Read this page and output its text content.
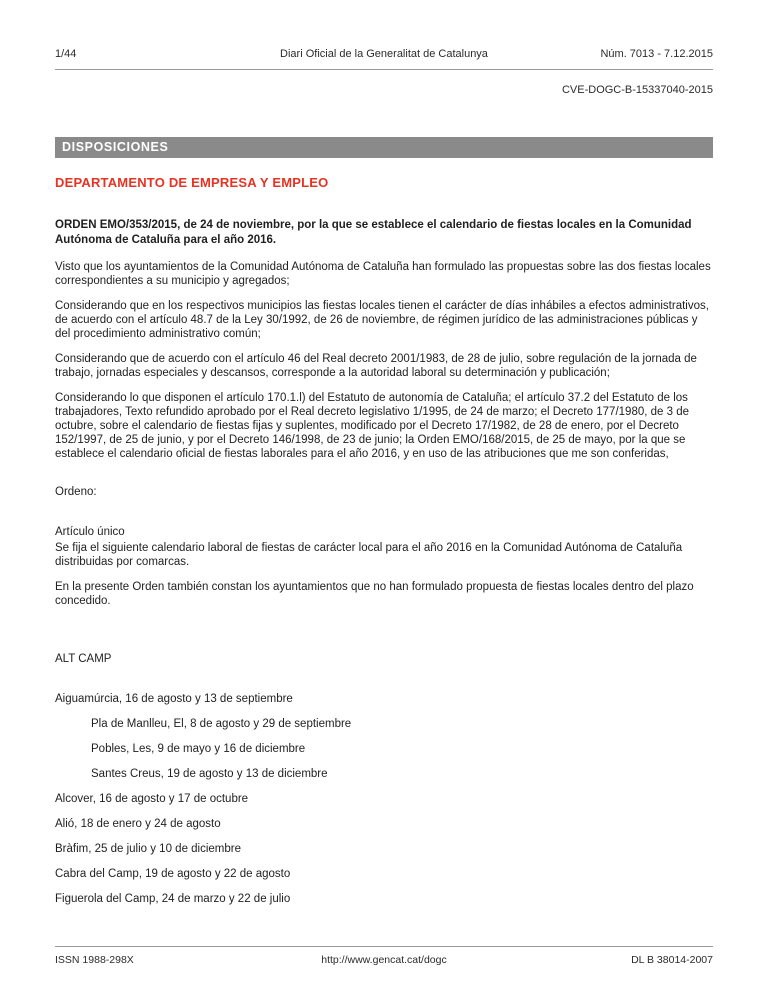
1/44	Diari Oficial de la Generalitat de Catalunya	Núm. 7013 - 7.12.2015
CVE-DOGC-B-15337040-2015
DISPOSICIONES
DEPARTAMENTO DE EMPRESA Y EMPLEO

ORDEN EMO/353/2015, de 24 de noviembre, por la que se establece el calendario de fiestas locales en la Comunidad Autónoma de Cataluña para el año 2016.

Visto que los ayuntamientos de la Comunidad Autónoma de Cataluña han formulado las propuestas sobre las dos fiestas locales correspondientes a su municipio y agregados;

Considerando que en los respectivos municipios las fiestas locales tienen el carácter de días inhábiles a efectos administrativos, de acuerdo con el artículo 48.7 de la Ley 30/1992, de 26 de noviembre, de régimen jurídico de las administraciones públicas y del procedimiento administrativo común;

Considerando que de acuerdo con el artículo 46 del Real decreto 2001/1983, de 28 de julio, sobre regulación de la jornada de trabajo, jornadas especiales y descansos, corresponde a la autoridad laboral su determinación y publicación;

Considerando lo que disponen el artículo 170.1.l) del Estatuto de autonomía de Cataluña; el artículo 37.2 del Estatuto de los trabajadores, Texto refundido aprobado por el Real decreto legislativo 1/1995, de 24 de marzo; el Decreto 177/1980, de 3 de octubre, sobre el calendario de fiestas fijas y suplentes, modificado por el Decreto 17/1982, de 28 de enero, por el Decreto 152/1997, de 25 de junio, y por el Decreto 146/1998, de 23 de junio; la Orden EMO/168/2015, de 25 de mayo, por la que se establece el calendario oficial de fiestas laborales para el año 2016, y en uso de las atribuciones que me son conferidas,

Ordeno:

Artículo único

Se fija el siguiente calendario laboral de fiestas de carácter local para el año 2016 en la Comunidad Autónoma de Cataluña distribuidas por comarcas.

En la presente Orden también constan los ayuntamientos que no han formulado propuesta de fiestas locales dentro del plazo concedido.

ALT CAMP

Aiguamúrcia, 16 de agosto y 13 de septiembre
Pla de Manlleu, El, 8 de agosto y 29 de septiembre
Pobles, Les, 9 de mayo y 16 de diciembre
Santes Creus, 19 de agosto y 13 de diciembre
Alcover, 16 de agosto y 17 de octubre
Alió, 18 de enero y 24 de agosto
Bràfim, 25 de julio y 10 de diciembre
Cabra del Camp, 19 de agosto y 22 de agosto
Figuerola del Camp, 24 de marzo y 22 de julio
ISSN 1988-298X	http://www.gencat.cat/dogc	DL B 38014-2007
